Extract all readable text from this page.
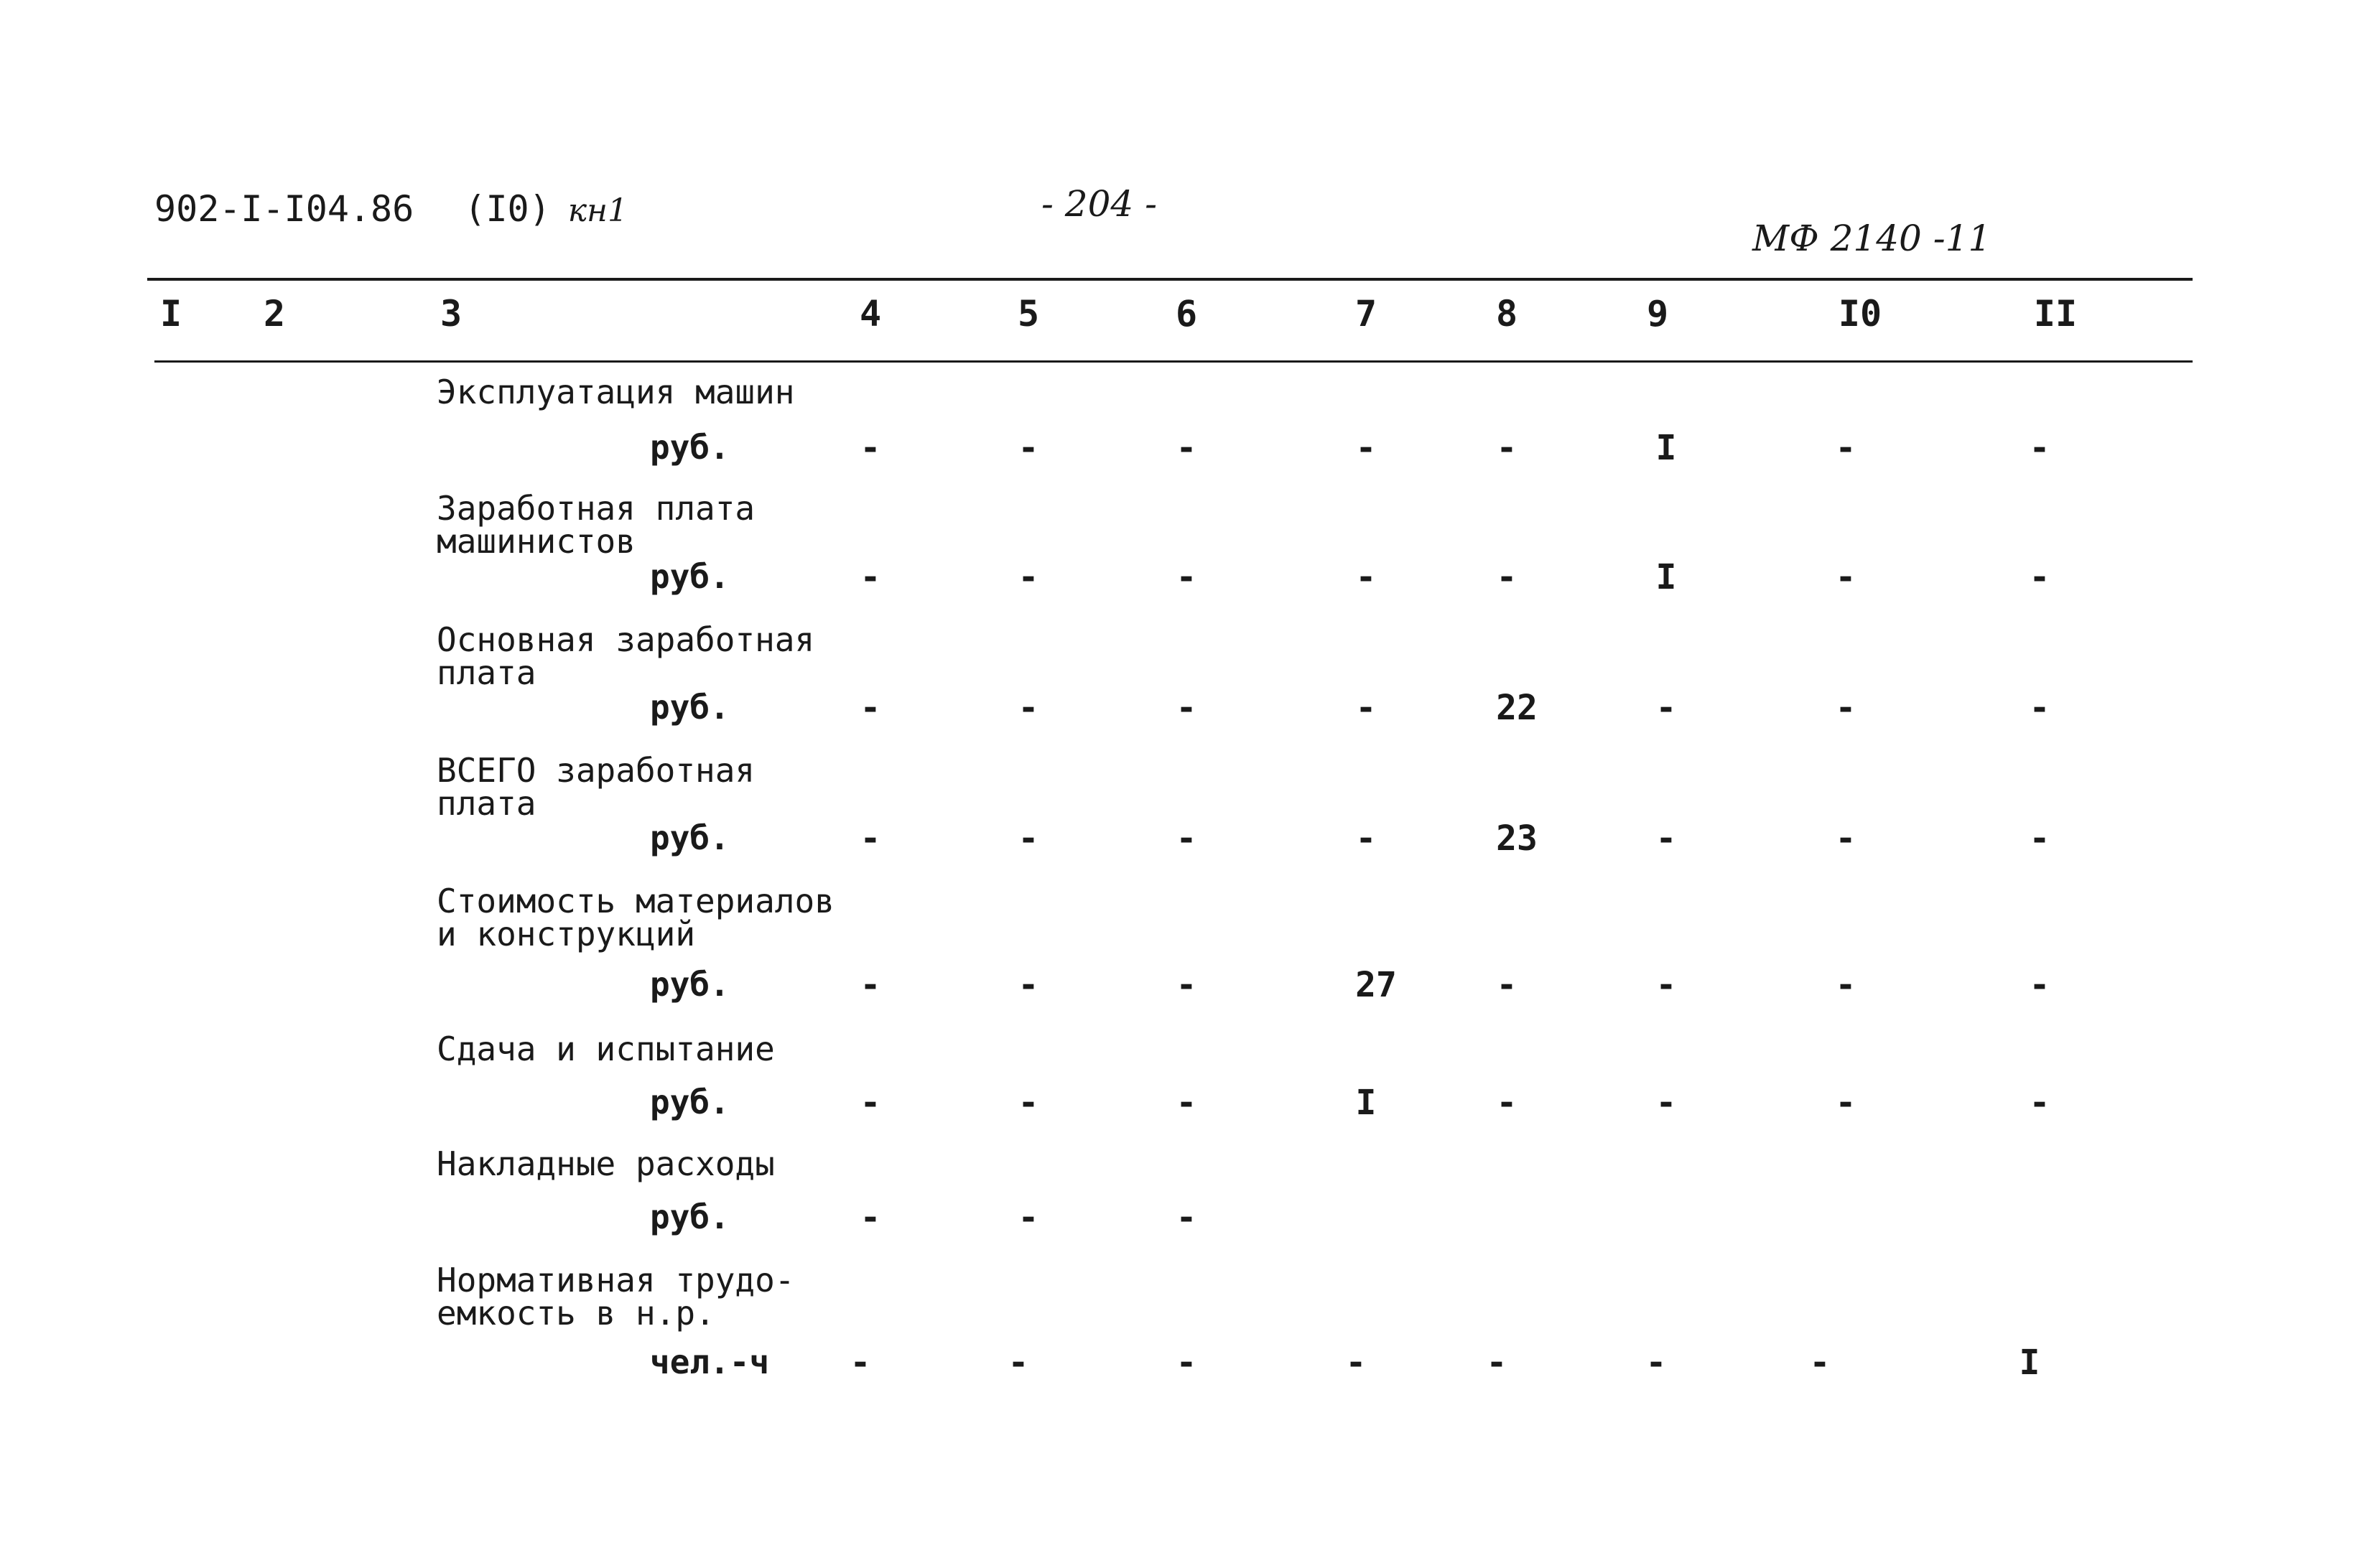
902-I-I04.86 (I0) кн1	- 204 -
МФ 2140 -11
I 2	3	4	5	6	7	8	9	I0	II
Эксплуатация машин
руб.	-	-	-	-	-	I	-	-
Заработная плата
машинистов
руб.	-	-	-	-	-	I	-	-
Основная заработная
плата
руб.	-	-	-	-	22	-	-	-
ВСЕГО заработная
плата
руб.	-	-	-	-	23	-	-	-
Стоимость материалов
и конструкций
руб.	-	-	-	27	-	-	-	-
Сдача и испытание
руб.	-	-	-	I	-	-	-	-
Накладные расходы
руб.	-	-	-
Нормативная трудо-
емкость в н.р.
чел.-ч -	-	-	-	-	-	-	I
